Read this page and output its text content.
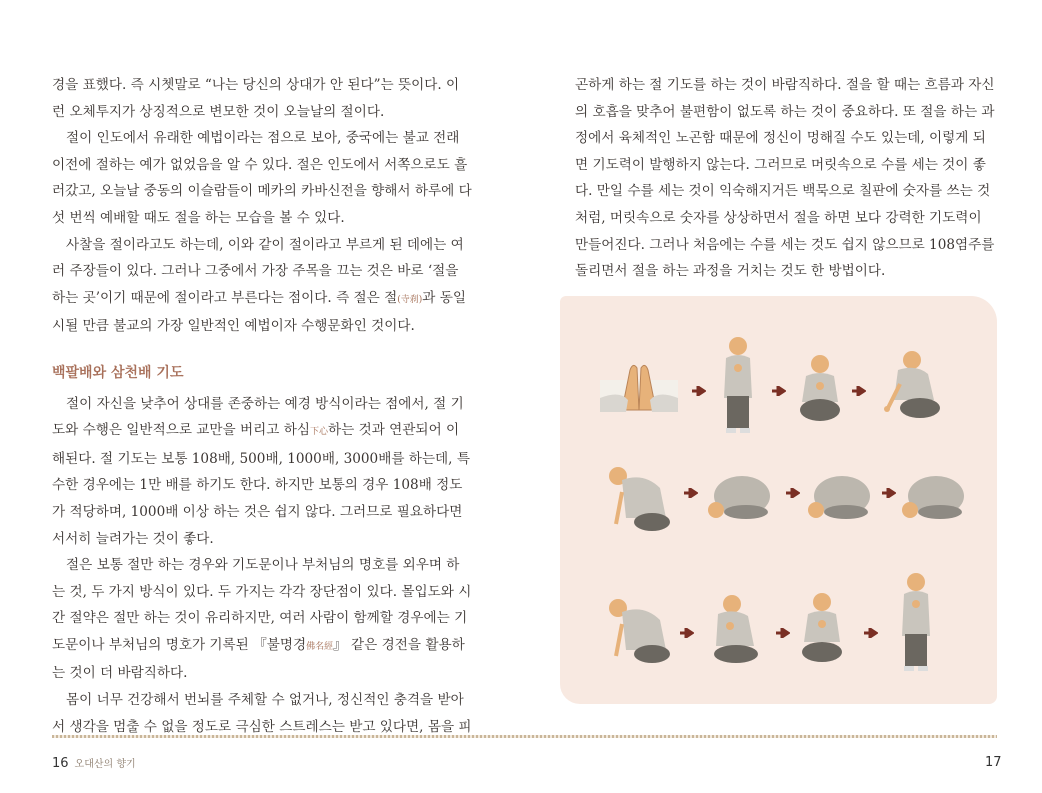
경을 표했다. 즉 시쳇말로 “나는 당신의 상대가 안 된다”는 뜻이다. 이런 오체투지가 상징적으로 변모한 것이 오늘날의 절이다.

절이 인도에서 유래한 예법이라는 점으로 보아, 중국에는 불교 전래 이전에 절하는 예가 없었음을 알 수 있다. 절은 인도에서 서쪽으로도 흘러갔고, 오늘날 중동의 이슬람들이 메카의 카바신전을 향해서 하루에 다섯 번씩 예배할 때도 절을 하는 모습을 볼 수 있다.

사찰을 절이라고도 하는데, 이와 같이 절이라고 부르게 된 데에는 여러 주장들이 있다. 그러나 그중에서 가장 주목을 끄는 것은 바로 ‘절을 하는 곳’이기 때문에 절이라고 부른다는 점이다. 즉 절은 절(寺刹)과 동일시될 만큼 불교의 가장 일반적인 예법이자 수행문화인 것이다.

백팔배와 삼천배 기도

절이 자신을 낮추어 상대를 존중하는 예경 방식이라는 점에서, 절 기도와 수행은 일반적으로 교만을 버리고 하심下心하는 것과 연관되어 이해된다. 절 기도는 보통 108배, 500배, 1000배, 3000배를 하는데, 특수한 경우에는 1만 배를 하기도 한다. 하지만 보통의 경우 108배 정도가 적당하며, 1000배 이상 하는 것은 쉽지 않다. 그러므로 필요하다면 서서히 늘려가는 것이 좋다.

절은 보통 절만 하는 경우와 기도문이나 부처님의 명호를 외우며 하는 것, 두 가지 방식이 있다. 두 가지는 각각 장단점이 있다. 몰입도와 시간 절약은 절만 하는 것이 유리하지만, 여러 사람이 함께할 경우에는 기도문이나 부처님의 명호가 기록된 『불명경佛名經』 같은 경전을 활용하는 것이 더 바람직하다.

몸이 너무 건강해서 번뇌를 주체할 수 없거나, 정신적인 충격을 받아서 생각을 멈출 수 없을 정도로 극심한 스트레스는 받고 있다면, 몸을 피

곤하게 하는 절 기도를 하는 것이 바람직하다. 절을 할 때는 흐름과 자신의 호흡을 맞추어 불편함이 없도록 하는 것이 중요하다. 또 절을 하는 과정에서 육체적인 노곤함 때문에 정신이 멍해질 수도 있는데, 이렇게 되면 기도력이 발행하지 않는다. 그러므로 머릿속으로 수를 세는 것이 좋다. 만일 수를 세는 것이 익숙해지거든 백묵으로 칠판에 숫자를 쓰는 것처럼, 머릿속으로 숫자를 상상하면서 절을 하면 보다 강력한 기도력이 만들어진다. 그러나 처음에는 수를 세는 것도 쉽지 않으므로 108염주를 돌리면서 절을 하는 과정을 거치는 것도 한 방법이다.

16 오대산의 향기	17
